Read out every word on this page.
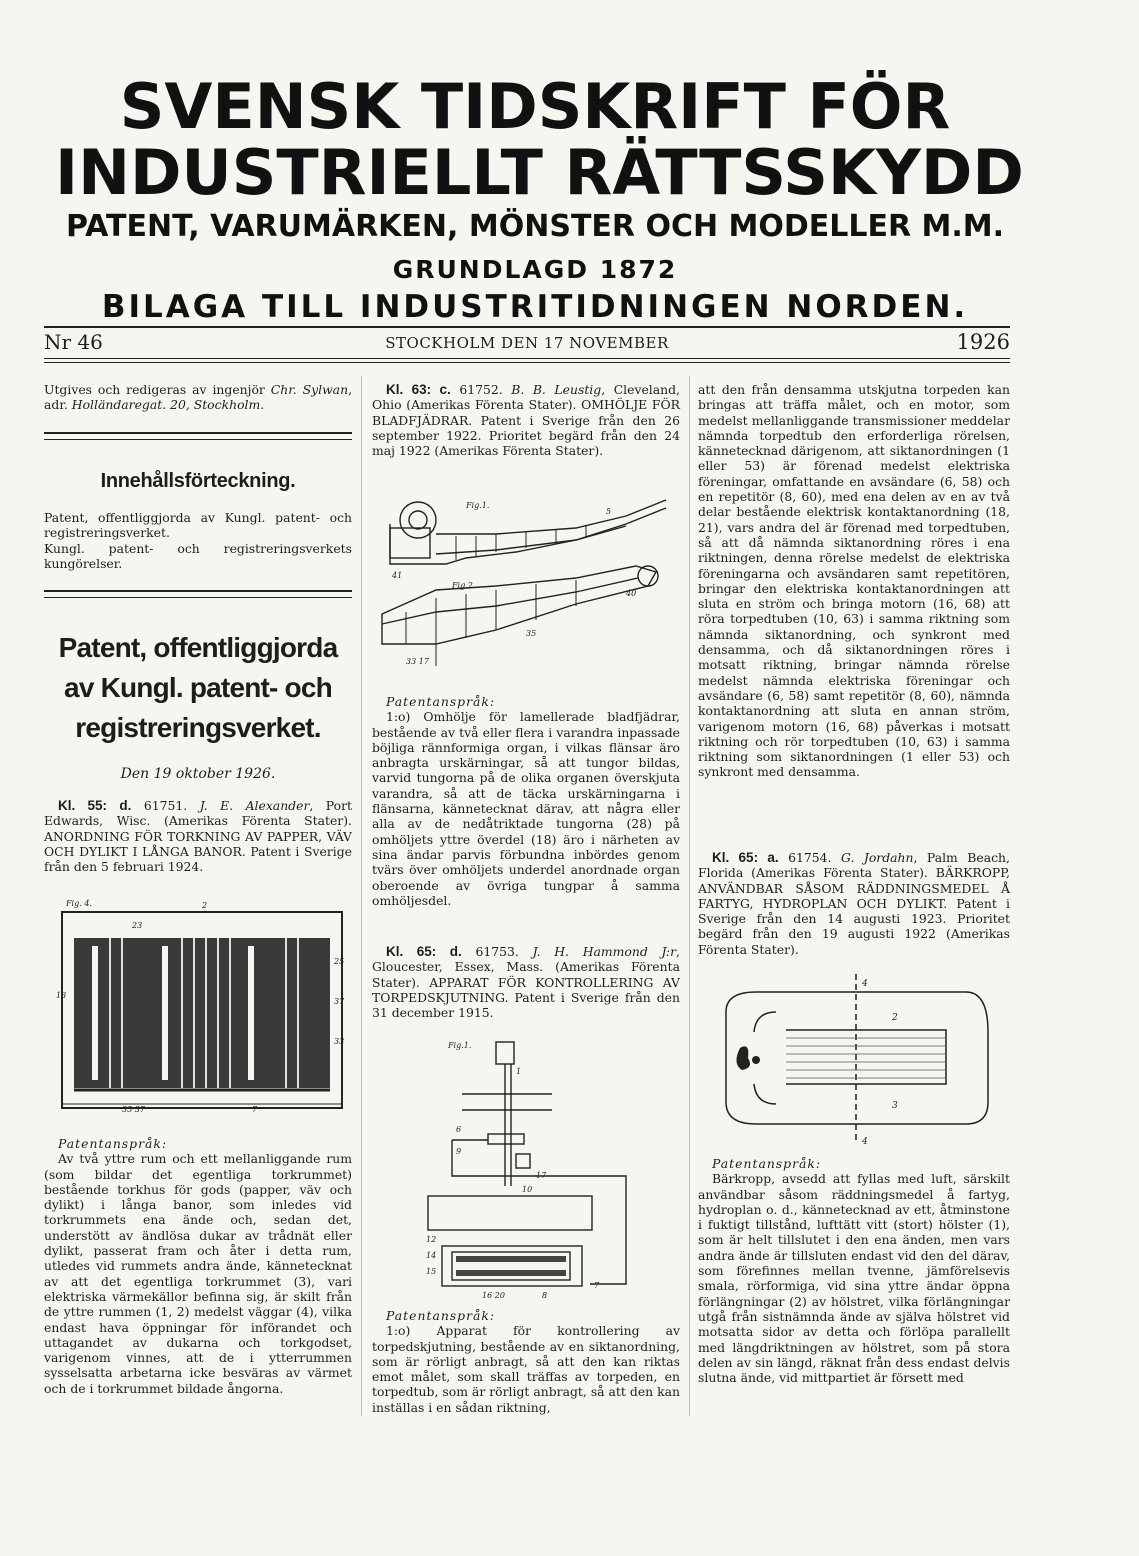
SVENSK TIDSKRIFT FÖR
INDUSTRIELLT RÄTTSSKYDD
PATENT, VARUMÄRKEN, MÖNSTER OCH MODELLER M.M.
GRUNDLAGD 1872
BILAGA TILL INDUSTRITIDNINGEN NORDEN.
Nr 46	STOCKHOLM DEN 17 NOVEMBER	1926
Utgives och redigeras av ingenjör Chr. Sylwan, adr. Holländaregat. 20, Stockholm.
Innehållsförteckning.

Patent, offentliggjorda av Kungl. patent- och registreringsverket.

Kungl. patent- och registreringsverkets kungörelser.

Patent, offentliggjorda av Kungl. patent- och registreringsverket.
Den 19 oktober 1926.

Kl. 55: d. 61751. J. E. Alexander, Port Edwards, Wisc. (Amerikas Förenta Stater). ANORDNING FÖR TORKNING AV PAPPER, VÄV OCH DYLIKT I LÅNGA BANOR. Patent i Sverige från den 5 februari 1924.

Fig. 4.
13
25
37
33
23
2
35 37	7

Patentanspråk:

Av två yttre rum och ett mellanliggande rum (som bildar det egentliga torkrummet) bestående torkhus för gods (papper, väv och dylikt) i långa banor, som inledes vid torkrummets ena ände och, sedan det, understött av ändlösa dukar av trådnät eller dylikt, passerat fram och åter i detta rum, utledes vid rummets andra ände, kännetecknat av att det egentliga torkrummet (3), vari elektriska värmekällor befinna sig, är skilt från de yttre rummen (1, 2) medelst väggar (4), vilka endast hava öppningar för införandet och uttagandet av dukarna och torkgodset, varigenom vinnes, att de i ytterrummen sysselsatta arbetarna icke besväras av värmet och de i torkrummet bildade ångorna.

Kl. 63: c. 61752. B. B. Leustig, Cleveland, Ohio (Amerikas Förenta Stater). OMHÖLJE FÖR BLADFJÄDRAR. Patent i Sverige från den 26 september 1922. Prioritet begärd från den 24 maj 1922 (Amerikas Förenta Stater).

Fig.1.
Fig.2.
41
5
35
33 17
40

Patentanspråk:

1:o) Omhölje för lamellerade bladfjädrar, bestående av två eller flera i varandra inpassade böjliga rännformiga organ, i vilkas flänsar äro anbragta urskärningar, så att tungor bildas, varvid tungorna på de olika organen överskjuta varandra, så att de täcka urskärningarna i flänsarna, kännetecknat därav, att några eller alla av de nedåtriktade tungorna (28) på omhöljets yttre överdel (18) äro i närheten av sina ändar parvis förbundna inbördes genom tvärs över omhöljets underdel anordnade organ oberoende av övriga tungpar å samma omhöljesdel.

Kl. 65: d. 61753. J. H. Hammond J:r, Gloucester, Essex, Mass. (Amerikas Förenta Stater). APPARAT FÖR KONTROLLERING AV TORPEDSKJUTNING. Patent i Sverige från den 31 december 1915.

Fig.1.
1
6
9
17
10
12
14
15
16 20	8
7

Patentanspråk:

1:o) Apparat för kontrollering av torpedskjutning, bestående av en siktanordning, som är rörligt anbragt, så att den kan riktas emot målet, som skall träffas av torpeden, en torpedtub, som är rörligt anbragt, så att den kan inställas i en sådan riktning,

att den från densamma utskjutna torpeden kan bringas att träffa målet, och en motor, som medelst mellanliggande transmissioner meddelar nämnda torpedtub den erforderliga rörelsen, kännetecknad därigenom, att siktanordningen (1 eller 53) är förenad medelst elektriska föreningar, omfattande en avsändare (6, 58) och en repetitör (8, 60), med ena delen av en av två delar bestående elektrisk kontaktanordning (18, 21), vars andra del är förenad med torpedtuben, så att då nämnda siktanordning röres i ena riktningen, denna rörelse medelst de elektriska föreningarna och avsändaren samt repetitören, bringar den elektriska kontaktanordningen att sluta en ström och bringa motorn (16, 68) att röra torpedtuben (10, 63) i samma riktning som nämnda siktanordning, och synkront med densamma, och då siktanordningen röres i motsatt riktning, bringar nämnda rörelse medelst nämnda elektriska föreningar och avsändare (6, 58) samt repetitör (8, 60), nämnda kontaktanordning att sluta en annan ström, varigenom motorn (16, 68) påverkas i motsatt riktning och rör torpedtuben (10, 63) i samma riktning som siktanordningen (1 eller 53) och synkront med densamma.

Kl. 65: a. 61754. G. Jordahn, Palm Beach, Florida (Amerikas Förenta Stater). BÄRKROPP, ANVÄNDBAR SÅSOM RÄDDNINGSMEDEL Å FARTYG, HYDROPLAN OCH DYLIKT. Patent i Sverige från den 14 augusti 1923. Prioritet begärd från den 19 augusti 1922 (Amerikas Förenta Stater).

4
4
2
3

Patentanspråk:

Bärkropp, avsedd att fyllas med luft, särskilt användbar såsom räddningsmedel å fartyg, hydroplan o. d., kännetecknad av ett, åtminstone i fuktigt tillstånd, lufttätt vitt (stort) hölster (1), som är helt tillslutet i den ena änden, men vars andra ände är tillsluten endast vid den del därav, som förefinnes mellan tvenne, jämförelsevis smala, rörformiga, vid sina yttre ändar öppna förlängningar (2) av hölstret, vilka förlängningar utgå från sistnämnda ände av själva hölstret vid motsatta sidor av detta och förlöpa parallellt med längdriktningen av hölstret, som på stora delen av sin längd, räknat från dess endast delvis slutna ände, vid mittpartiet är försett med
